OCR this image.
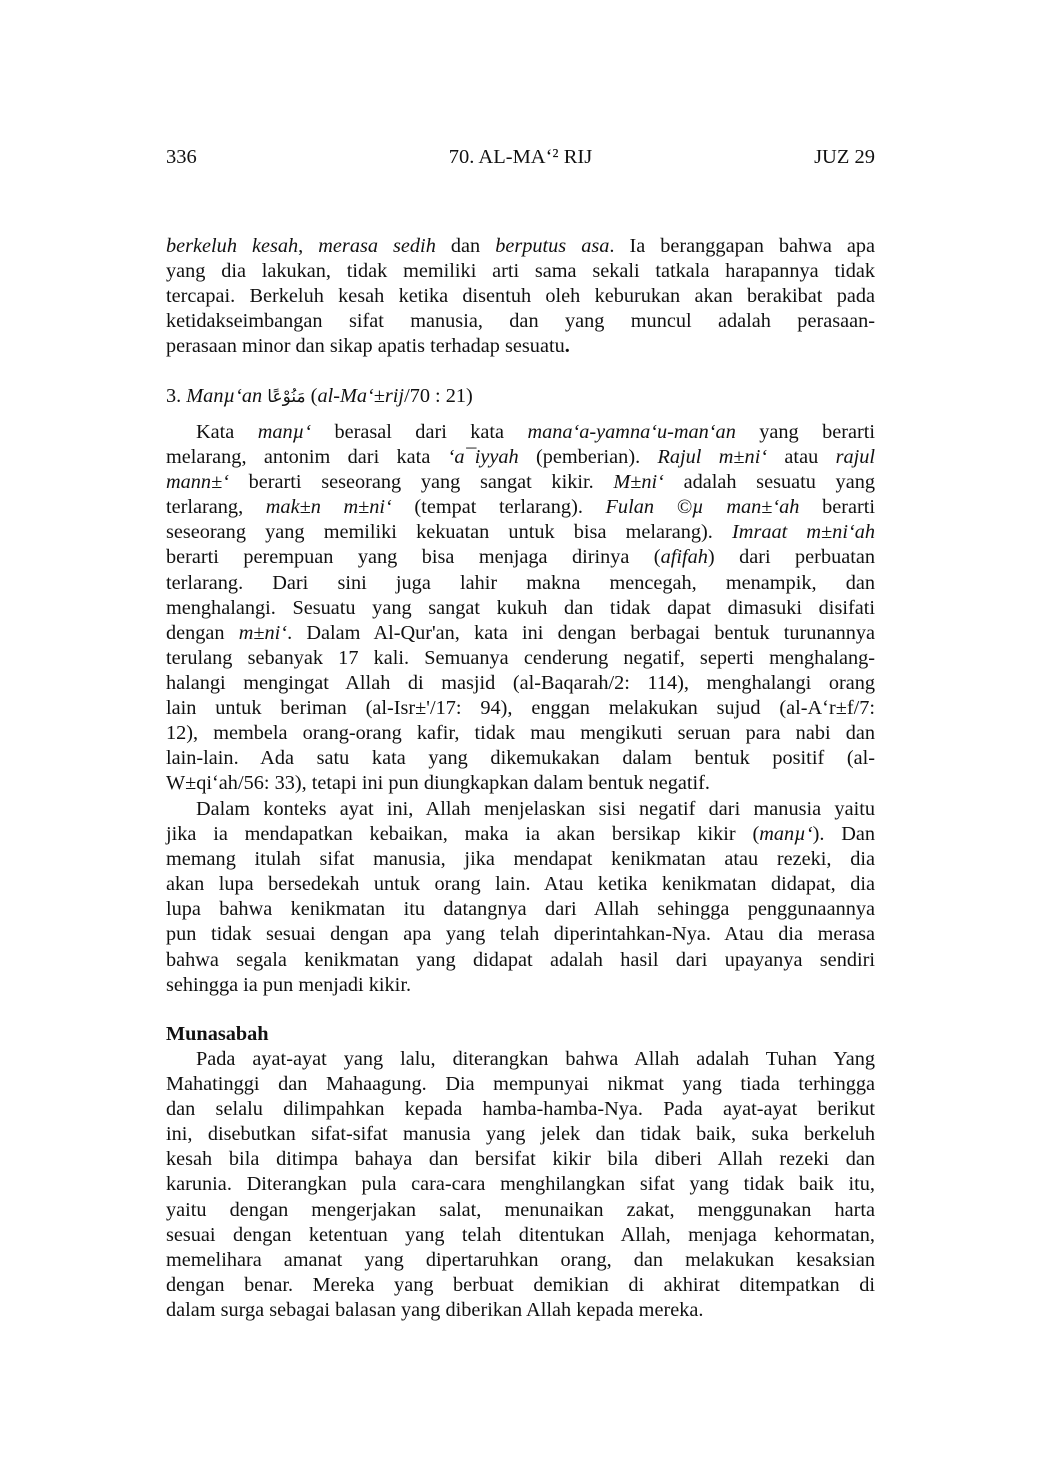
336	70. AL-MA‘² RIJ	JUZ 29
berkeluh kesah, merasa sedih dan berputus asa. Ia beranggapan bahwa apa
yang dia lakukan, tidak memiliki arti sama sekali tatkala harapannya tidak
tercapai. Berkeluh kesah ketika disentuh oleh keburukan akan berakibat pada
ketidakseimbangan sifat manusia, dan yang muncul adalah perasaan-
perasaan minor dan sikap apatis terhadap sesuatu.
3. Manµ‘an مَنُوْعًا (al-Ma‘±rij/70 : 21)
Kata manµ‘ berasal dari kata mana‘a-yamna‘u-man‘an yang berarti
melarang, antonim dari kata ‘a¯iyyah (pemberian). Rajul m±ni‘ atau rajul
mann±‘ berarti seseorang yang sangat kikir. M±ni‘ adalah sesuatu yang
terlarang, mak±n m±ni‘ (tempat terlarang). Fulan ©µ man±‘ah berarti
seseorang yang memiliki kekuatan untuk bisa melarang). Imraat m±ni‘ah
berarti perempuan yang bisa menjaga dirinya (afifah) dari perbuatan
terlarang. Dari sini juga lahir makna mencegah, menampik, dan
menghalangi. Sesuatu yang sangat kukuh dan tidak dapat dimasuki disifati
dengan m±ni‘. Dalam Al-Qur'an, kata ini dengan berbagai bentuk turunannya
terulang sebanyak 17 kali. Semuanya cenderung negatif, seperti menghalang-
halangi mengingat Allah di masjid (al-Baqarah/2: 114), menghalangi orang
lain untuk beriman (al-Isr±'/17: 94), enggan melakukan sujud (al-A‘r±f/7:
12), membela orang-orang kafir, tidak mau mengikuti seruan para nabi dan
lain-lain. Ada satu kata yang dikemukakan dalam bentuk positif (al-
W±qi‘ah/56: 33), tetapi ini pun diungkapkan dalam bentuk negatif.
Dalam konteks ayat ini, Allah menjelaskan sisi negatif dari manusia yaitu
jika ia mendapatkan kebaikan, maka ia akan bersikap kikir (manµ‘). Dan
memang itulah sifat manusia, jika mendapat kenikmatan atau rezeki, dia
akan lupa bersedekah untuk orang lain. Atau ketika kenikmatan didapat, dia
lupa bahwa kenikmatan itu datangnya dari Allah sehingga penggunaannya
pun tidak sesuai dengan apa yang telah diperintahkan-Nya. Atau dia merasa
bahwa segala kenikmatan yang didapat adalah hasil dari upayanya sendiri
sehingga ia pun menjadi kikir.
Munasabah
Pada ayat-ayat yang lalu, diterangkan bahwa Allah adalah Tuhan Yang
Mahatinggi dan Mahaagung. Dia mempunyai nikmat yang tiada terhingga
dan selalu dilimpahkan kepada hamba-hamba-Nya. Pada ayat-ayat berikut
ini, disebutkan sifat-sifat manusia yang jelek dan tidak baik, suka berkeluh
kesah bila ditimpa bahaya dan bersifat kikir bila diberi Allah rezeki dan
karunia. Diterangkan pula cara-cara menghilangkan sifat yang tidak baik itu,
yaitu dengan mengerjakan salat, menunaikan zakat, menggunakan harta
sesuai dengan ketentuan yang telah ditentukan Allah, menjaga kehormatan,
memelihara amanat yang dipertaruhkan orang, dan melakukan kesaksian
dengan benar. Mereka yang berbuat demikian di akhirat ditempatkan di
dalam surga sebagai balasan yang diberikan Allah kepada mereka.
